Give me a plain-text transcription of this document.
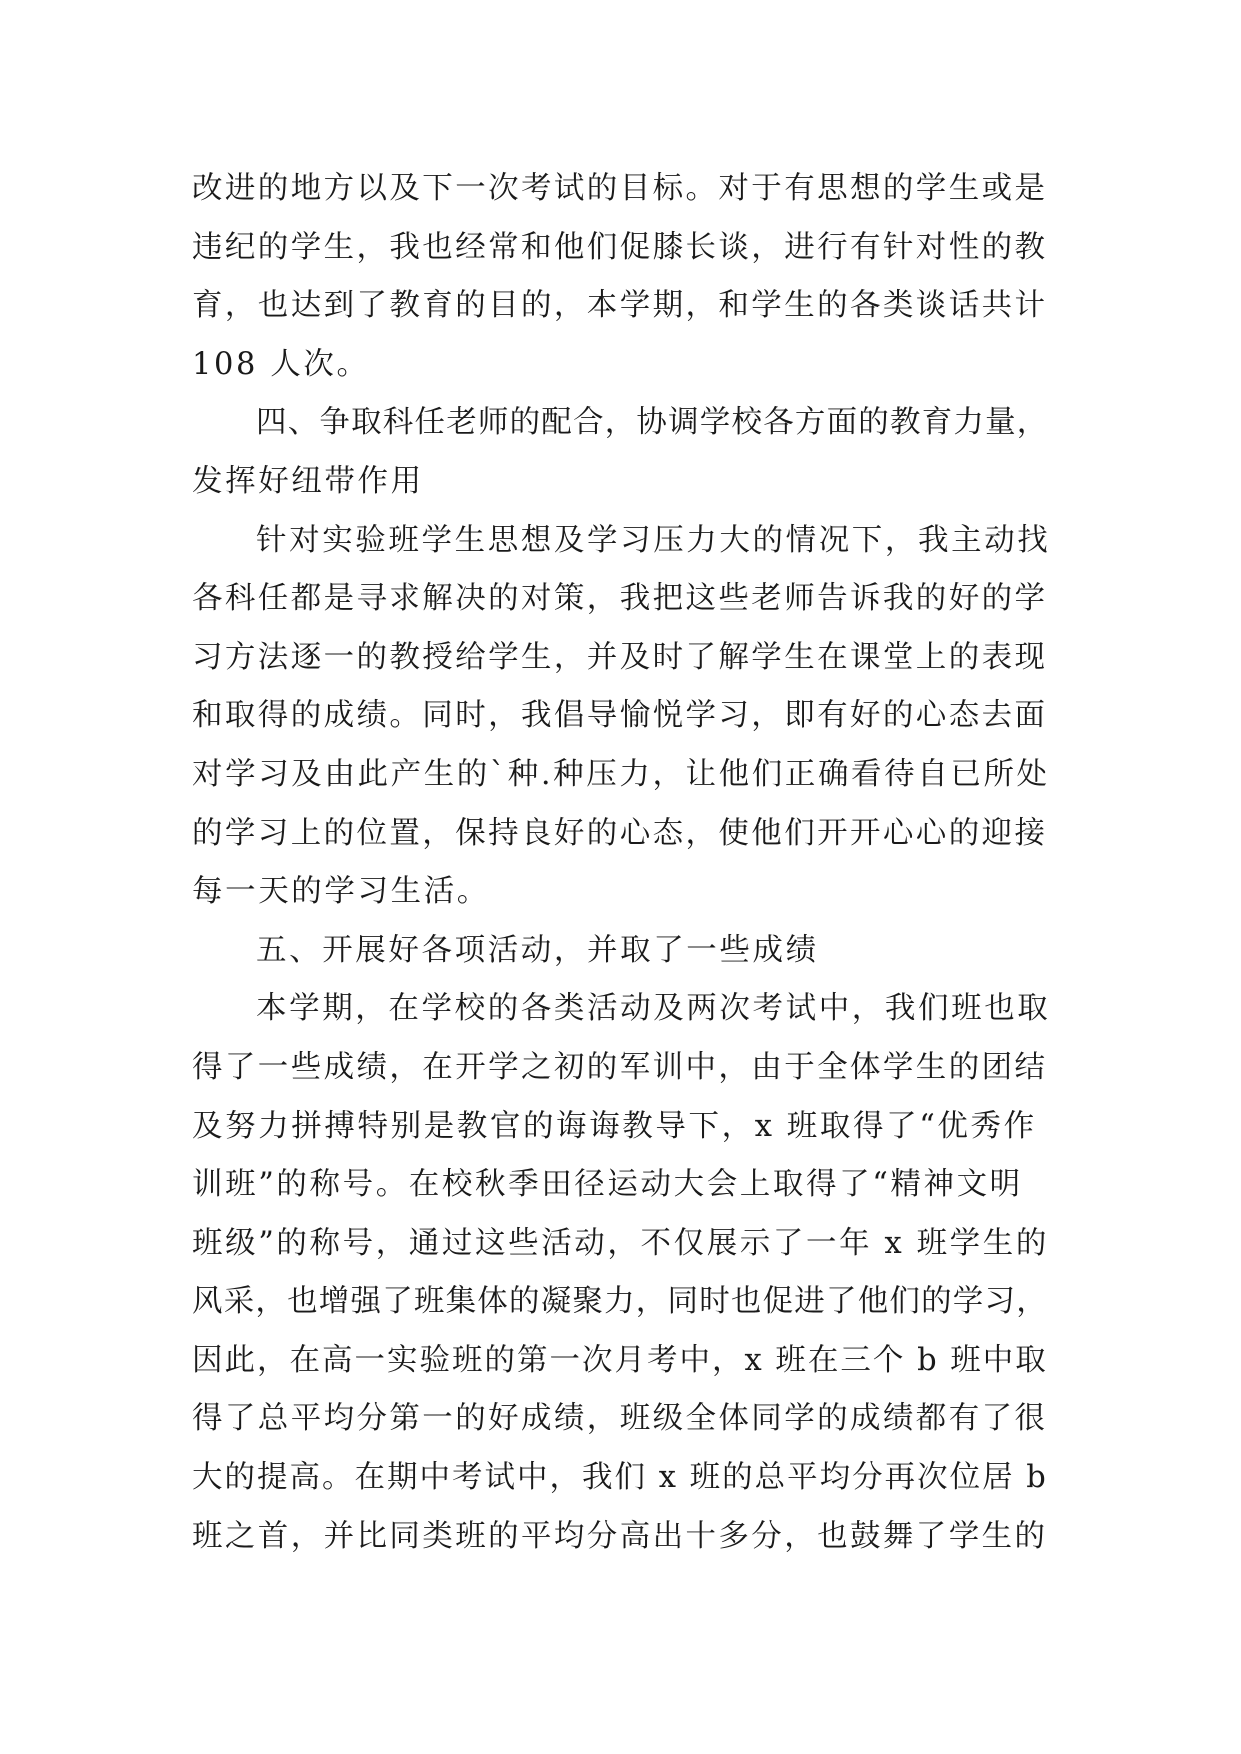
改进的地方以及下一次考试的目标。对于有思想的学生或是
违纪的学生，我也经常和他们促膝长谈，进行有针对性的教
育，也达到了教育的目的，本学期，和学生的各类谈话共计
108 人次。
四、争取科任老师的配合，协调学校各方面的教育力量，
发挥好纽带作用
针对实验班学生思想及学习压力大的情况下，我主动找
各科任都是寻求解决的对策，我把这些老师告诉我的好的学
习方法逐一的教授给学生，并及时了解学生在课堂上的表现
和取得的成绩。同时，我倡导愉悦学习，即有好的心态去面
对学习及由此产生的`种.种压力，让他们正确看待自已所处
的学习上的位置，保持良好的心态，使他们开开心心的迎接
每一天的学习生活。
五、开展好各项活动，并取了一些成绩
本学期，在学校的各类活动及两次考试中，我们班也取
得了一些成绩，在开学之初的军训中，由于全体学生的团结
及努力拼搏特别是教官的诲诲教导下，x 班取得了“优秀作
训班”的称号。在校秋季田径运动大会上取得了“精神文明
班级”的称号，通过这些活动，不仅展示了一年 x 班学生的
风采，也增强了班集体的凝聚力，同时也促进了他们的学习，
因此，在高一实验班的第一次月考中，x 班在三个 b 班中取
得了总平均分第一的好成绩，班级全体同学的成绩都有了很
大的提高。在期中考试中，我们 x 班的总平均分再次位居 b
班之首，并比同类班的平均分高出十多分，也鼓舞了学生的
